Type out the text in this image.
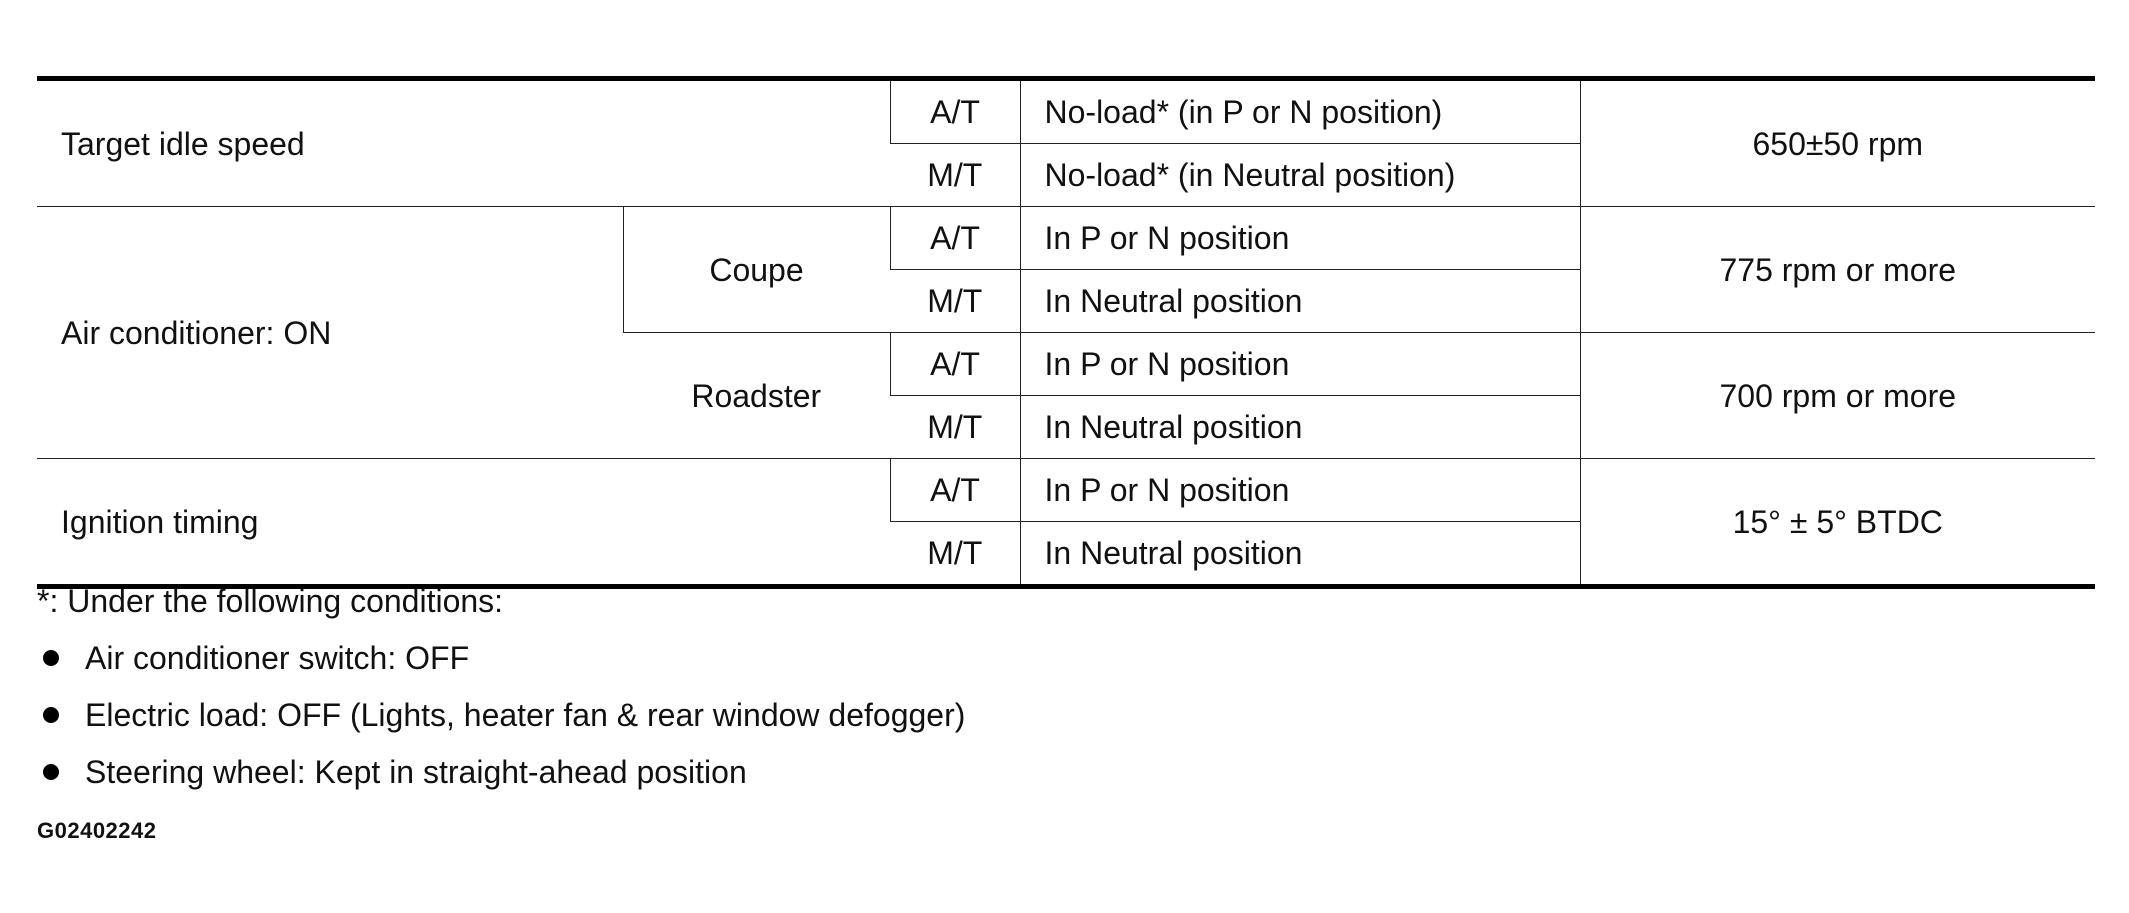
Target idle speed		A/T	No-load* (in P or N position)	650±50 rpm
		M/T	No-load* (in Neutral position)	
Air conditioner: ON	Coupe	A/T	In P or N position	775 rpm or more
		M/T	In Neutral position	
	Roadster	A/T	In P or N position	700 rpm or more
		M/T	In Neutral position	
Ignition timing		A/T	In P or N position	15° ± 5° BTDC
		M/T	In Neutral position	
*: Under the following conditions:
Air conditioner switch: OFF
Electric load: OFF (Lights, heater fan & rear window defogger)
Steering wheel: Kept in straight-ahead position
G02402242
